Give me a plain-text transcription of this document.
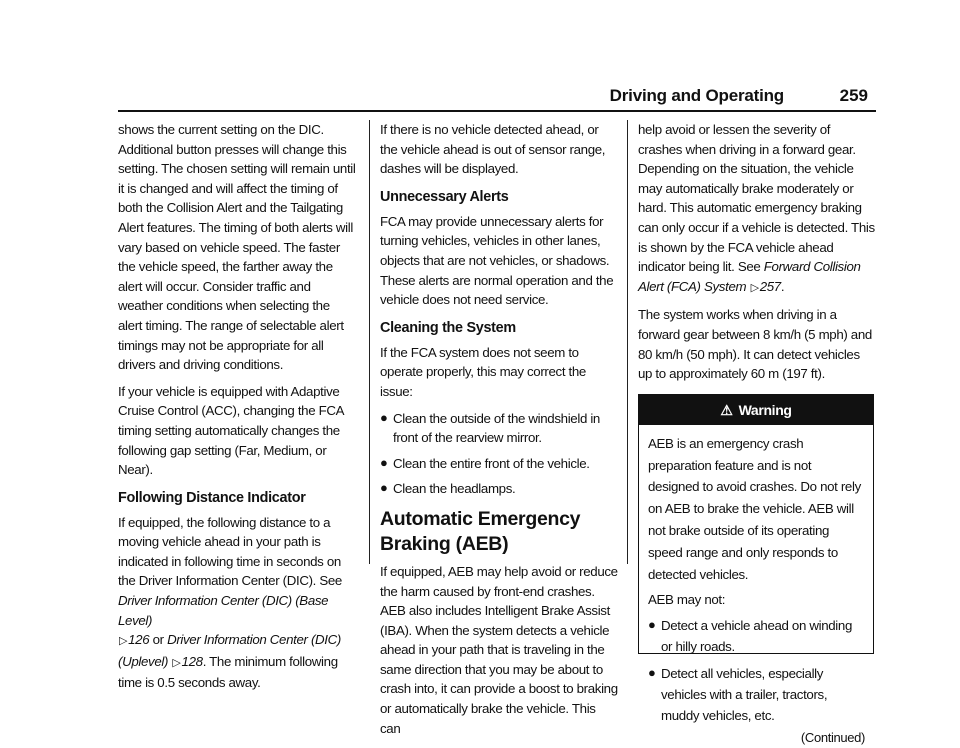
Driving and Operating	259

shows the current setting on the DIC. Additional button presses will change this setting. The chosen setting will remain until it is changed and will affect the timing of both the Collision Alert and the Tailgating Alert features. The timing of both alerts will vary based on vehicle speed. The faster the vehicle speed, the farther away the alert will occur. Consider traffic and weather conditions when selecting the alert timing. The range of selectable alert timings may not be appropriate for all drivers and driving conditions.

If your vehicle is equipped with Adaptive Cruise Control (ACC), changing the FCA timing setting automatically changes the following gap setting (Far, Medium, or Near).

Following Distance Indicator

If equipped, the following distance to a moving vehicle ahead in your path is indicated in following time in seconds on the Driver Information Center (DIC). See Driver Information Center (DIC) (Base Level)
▷126 or Driver Information Center (DIC) (Uplevel) ▷128. The minimum following time is 0.5 seconds away.

If there is no vehicle detected ahead, or the vehicle ahead is out of sensor range, dashes will be displayed.

Unnecessary Alerts

FCA may provide unnecessary alerts for turning vehicles, vehicles in other lanes, objects that are not vehicles, or shadows. These alerts are normal operation and the vehicle does not need service.

Cleaning the System

If the FCA system does not seem to operate properly, this may correct the issue:

● Clean the outside of the windshield in front of the rearview mirror.
● Clean the entire front of the vehicle.
● Clean the headlamps.
Automatic Emergency
Braking (AEB)

If equipped, AEB may help avoid or reduce the harm caused by front-end crashes. AEB also includes Intelligent Brake Assist (IBA). When the system detects a vehicle ahead in your path that is traveling in the same direction that you may be about to crash into, it can provide a boost to braking or automatically brake the vehicle. This can

help avoid or lessen the severity of crashes when driving in a forward gear. Depending on the situation, the vehicle may automatically brake moderately or hard. This automatic emergency braking can only occur if a vehicle is detected. This is shown by the FCA vehicle ahead indicator being lit. See Forward Collision Alert (FCA) System ▷257.

The system works when driving in a forward gear between 8 km/h (5 mph) and 80 km/h (50 mph). It can detect vehicles up to approximately 60 m (197 ft).

⚠ Warning

AEB is an emergency crash preparation feature and is not designed to avoid crashes. Do not rely on AEB to brake the vehicle. AEB will not brake outside of its operating speed range and only responds to detected vehicles.

AEB may not:

● Detect a vehicle ahead on winding or hilly roads.
● Detect all vehicles, especially vehicles with a trailer, tractors, muddy vehicles, etc.
(Continued)
